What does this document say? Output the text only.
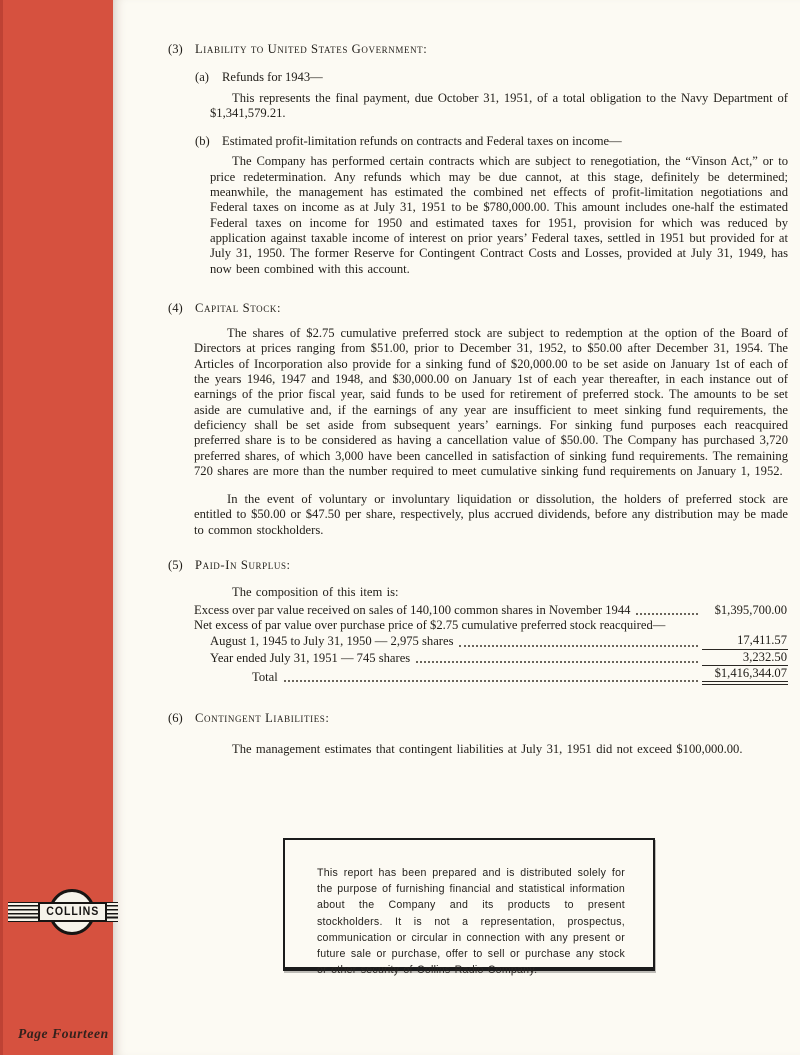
(3) Liability to United States Government:
(a)	Refunds for 1943—

This represents the final payment, due October 31, 1951, of a total obligation to the Navy Department of $1,341,579.21.

(b) Estimated profit-limitation refunds on contracts and Federal taxes on income—

The Company has performed certain contracts which are subject to renegotiation, the “Vinson Act,” or to price redetermination. Any refunds which may be due cannot, at this stage, definitely be determined; meanwhile, the management has estimated the combined net effects of profit-limitation negotiations and Federal taxes on income as at July 31, 1951 to be $780,000.00. This amount includes one-half the estimated Federal taxes on income for 1950 and estimated taxes for 1951, provision for which was reduced by application against taxable income of interest on prior years’ Federal taxes, settled in 1951 but provided for at July 31, 1950. The former Reserve for Contingent Contract Costs and Losses, provided at July 31, 1949, has now been combined with this account.

(4) Capital Stock:

The shares of $2.75 cumulative preferred stock are subject to redemption at the option of the Board of Directors at prices ranging from $51.00, prior to December 31, 1952, to $50.00 after December 31, 1954. The Articles of Incorporation also provide for a sinking fund of $20,000.00 to be set aside on January 1st of each of the years 1946, 1947 and 1948, and $30,000.00 on January 1st of each year thereafter, in each instance out of earnings of the prior fiscal year, said funds to be used for retirement of preferred stock. The amounts to be set aside are cumulative and, if the earnings of any year are insufficient to meet sinking fund requirements, the deficiency shall be set aside from subsequent years’ earnings. For sinking fund purposes each reacquired preferred share is to be considered as having a cancellation value of $50.00. The Company has purchased 3,720 preferred shares, of which 3,000 have been cancelled in satisfaction of sinking fund requirements. The remaining 720 shares are more than the number required to meet cumulative sinking fund requirements on January 1, 1952.

In the event of voluntary or involuntary liquidation or dissolution, the holders of preferred stock are entitled to $50.00 or $47.50 per share, respectively, plus accrued dividends, before any distribution may be made to common stockholders.

(5) Paid-In Surplus:

The composition of this item is:

Excess over par value received on sales of 140,100 common shares in November 1944	$1,395,700.00
Net excess of par value over purchase price of $2.75 cumulative preferred stock reacquired—
August 1, 1945 to July 31, 1950 — 2,975 shares	17,411.57
Year ended July 31, 1951 — 745 shares	3,232.50
Total	$1,416,344.07
(6) Contingent Liabilities:

The management estimates that contingent liabilities at July 31, 1951 did not exceed $100,000.00.

This report has been prepared and is distributed solely for the purpose of furnishing financial and statistical information about the Company and its products to present stockholders. It is not a representation, prospectus, communication or circular in connection with any present or future sale or purchase, offer to sell or purchase any stock or other security of Collins Radio Company.

COLLINS
Page Fourteen
